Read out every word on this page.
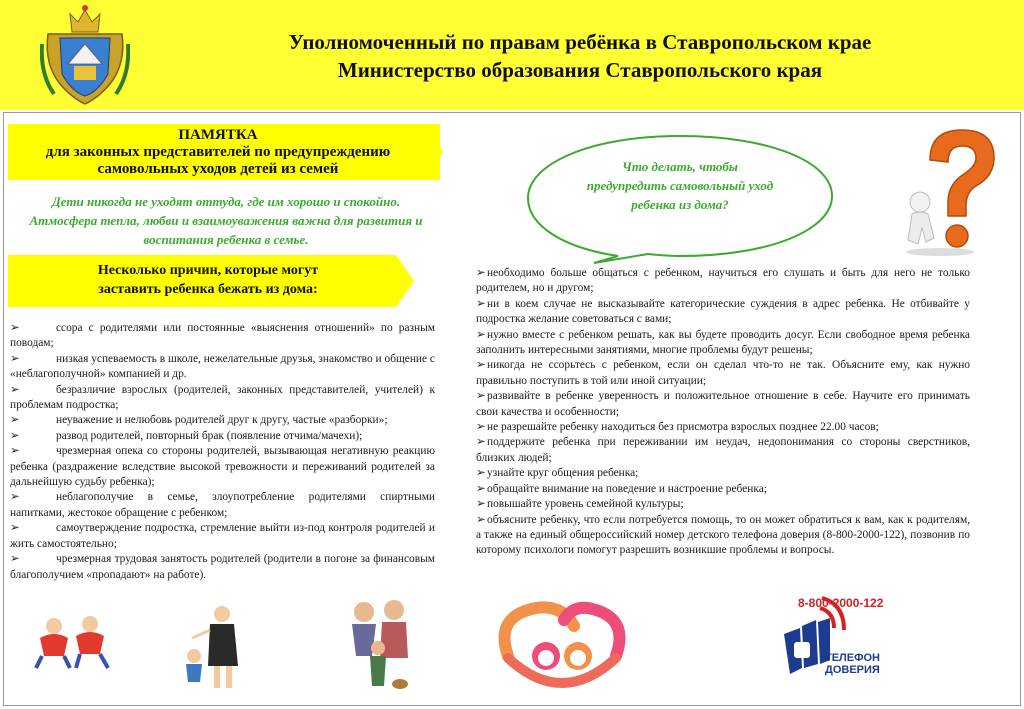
Уполномоченный по правам ребёнка в Ставропольском крае
Министерство образования Ставропольского края
ПАМЯТКА
для законных представителей по предупреждению
самовольных уходов детей из семей
Дети никогда не уходят оттуда, где им хорошо и спокойно.
Атмосфера тепла, любви и взаимоуважения важна для развития и
воспитания ребенка в семье.
Несколько причин, которые могут
заставить ребенка бежать из дома:
➢	ссора с родителями или постоянные «выяснения отношений» по разным поводам;
➢	низкая успеваемость в школе, нежелательные друзья, знакомство и общение с «неблагополучной» компанией и др.
➢	безразличие взрослых (родителей, законных представителей, учителей) к проблемам подростка;
➢	неуважение и нелюбовь родителей друг к другу, частые «разборки»;
➢	развод родителей, повторный брак (появление отчима/мачехи);
➢	чрезмерная опека со стороны родителей, вызывающая негативную реакцию ребенка (раздражение вследствие высокой тревожности и переживаний родителей за дальнейшую судьбу ребенка);
➢	неблагополучие в семье, злоупотребление родителями спиртными напитками, жестокое обращение с ребенком;
➢	самоутверждение подростка, стремление выйти из-под контроля родителей и жить самостоятельно;
➢	чрезмерная трудовая занятость родителей (родители в погоне за финансовым благополучием «пропадают» на работе).
Что делать, чтобы
предупредить самовольный уход
ребенка из дома?
➢необходимо больше общаться с ребенком, научиться его слушать и быть для него не только родителем, но и другом;
➢ни в коем случае не высказывайте категорические суждения в адрес ребенка. Не отбивайте у подростка желание советоваться с вами;
➢нужно вместе с ребенком решать, как вы будете проводить досуг. Если свободное время ребенка заполнить интересными занятиями, многие проблемы будут решены;
➢никогда не ссорьтесь с ребенком, если он сделал что-то не так. Объясните ему, как нужно правильно поступить в той или иной ситуации;
➢развивайте в ребенке уверенность и положительное отношение в себе. Научите его принимать свои качества и особенности;
➢не разрешайте ребенку находиться без присмотра взрослых позднее 22.00 часов;
➢поддержите ребенка при переживании им неудач, недопонимания со стороны сверстников, близких людей;
➢узнайте круг общения ребенка;
➢обращайте внимание на поведение и настроение ребенка;
➢повышайте уровень семейной культуры;
➢объясните ребенку, что если потребуется помощь, то он может обратиться к вам, как к родителям, а также на единый общероссийский номер детского телефона доверия (8-800-2000-122), позвонив по которому психологи помогут разрешить возникшие проблемы и вопросы.
8-800-2000-122
ТЕЛЕФОН
ДОВЕРИЯ
